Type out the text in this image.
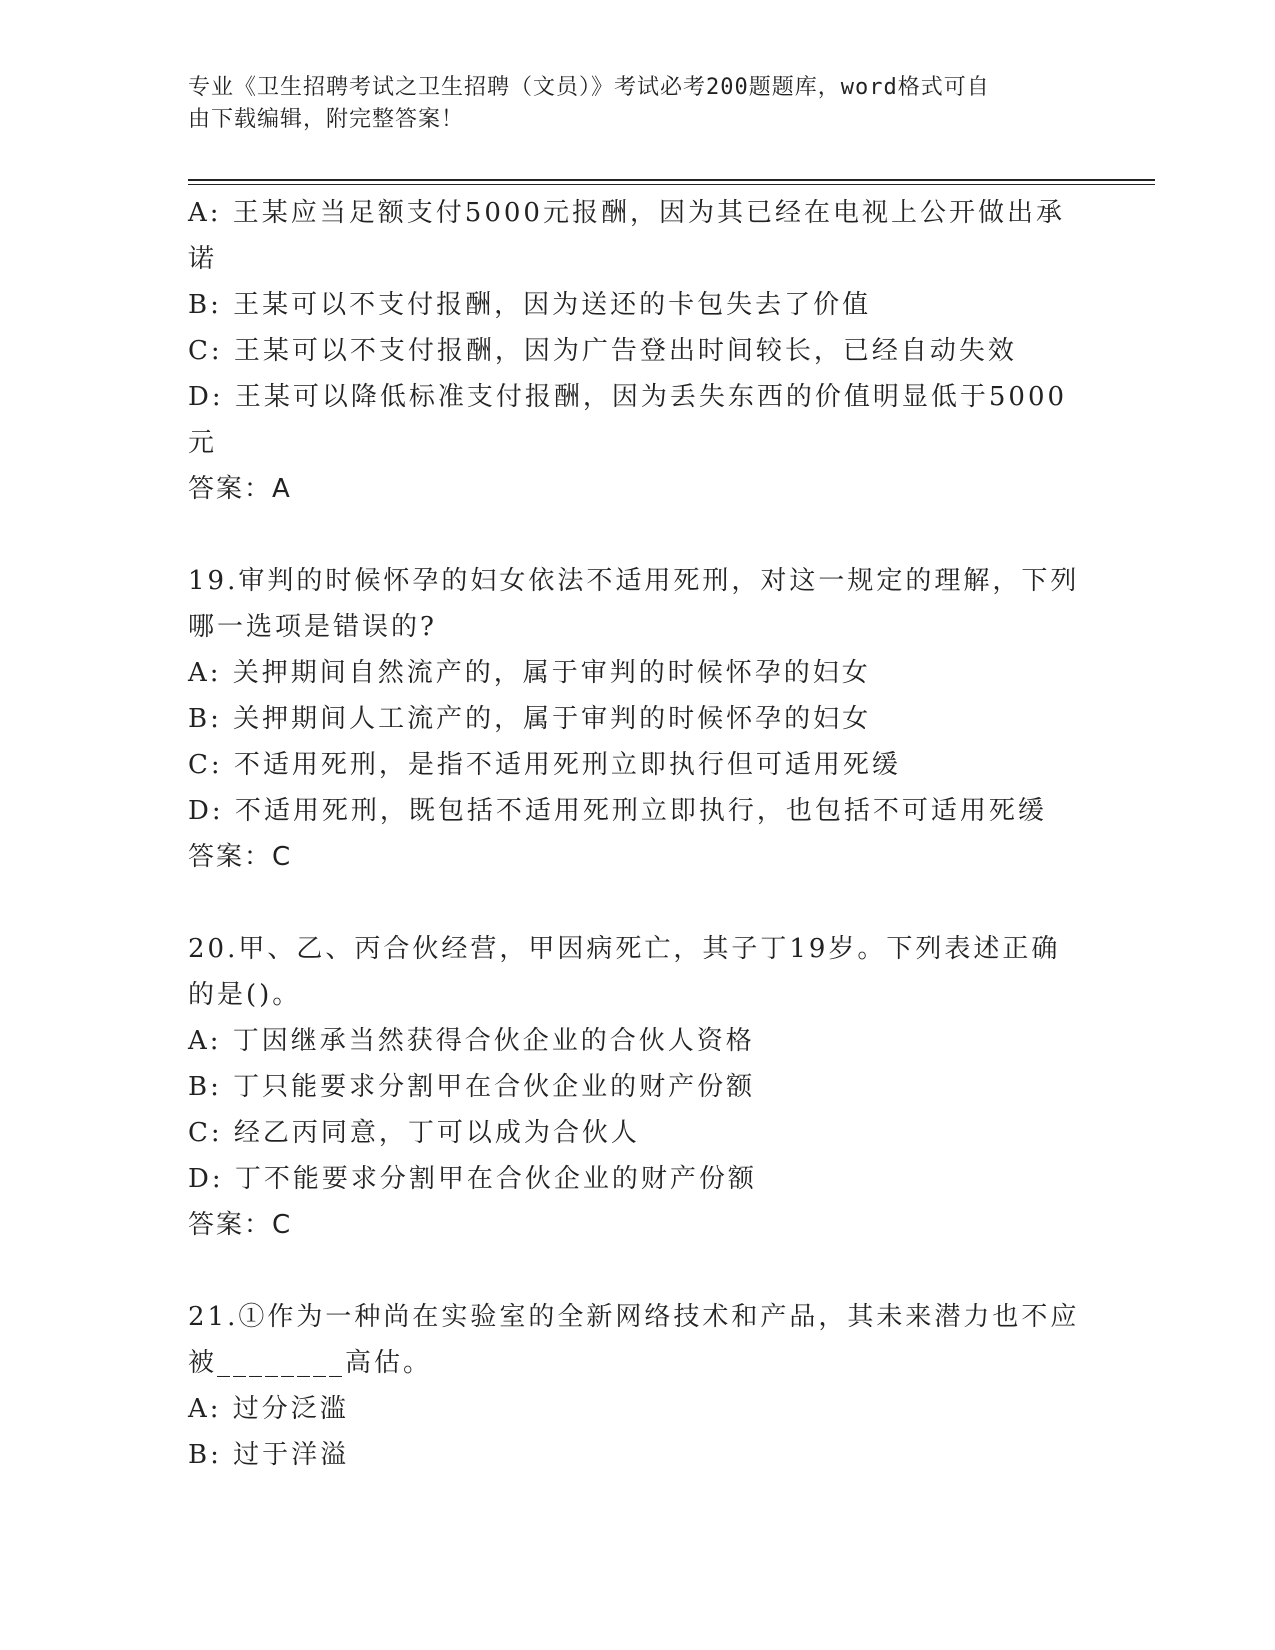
专业《卫生招聘考试之卫生招聘（文员）》考试必考200题题库，word格式可自
由下载编辑，附完整答案！
A: 王某应当足额支付5000元报酬，因为其已经在电视上公开做出承
诺
B: 王某可以不支付报酬，因为送还的卡包失去了价值
C: 王某可以不支付报酬，因为广告登出时间较长，已经自动失效
D: 王某可以降低标准支付报酬，因为丢失东西的价值明显低于5000
元
答案：A
19.审判的时候怀孕的妇女依法不适用死刑，对这一规定的理解，下列
哪一选项是错误的?
A: 关押期间自然流产的，属于审判的时候怀孕的妇女
B: 关押期间人工流产的，属于审判的时候怀孕的妇女
C: 不适用死刑，是指不适用死刑立即执行但可适用死缓
D: 不适用死刑，既包括不适用死刑立即执行，也包括不可适用死缓
答案：C
20.甲、乙、丙合伙经营，甲因病死亡，其子丁19岁。下列表述正确
的是()。
A: 丁因继承当然获得合伙企业的合伙人资格
B: 丁只能要求分割甲在合伙企业的财产份额
C: 经乙丙同意，丁可以成为合伙人
D: 丁不能要求分割甲在合伙企业的财产份额
答案：C
21.①作为一种尚在实验室的全新网络技术和产品，其未来潜力也不应
被________高估。
A: 过分泛滥
B: 过于洋溢
